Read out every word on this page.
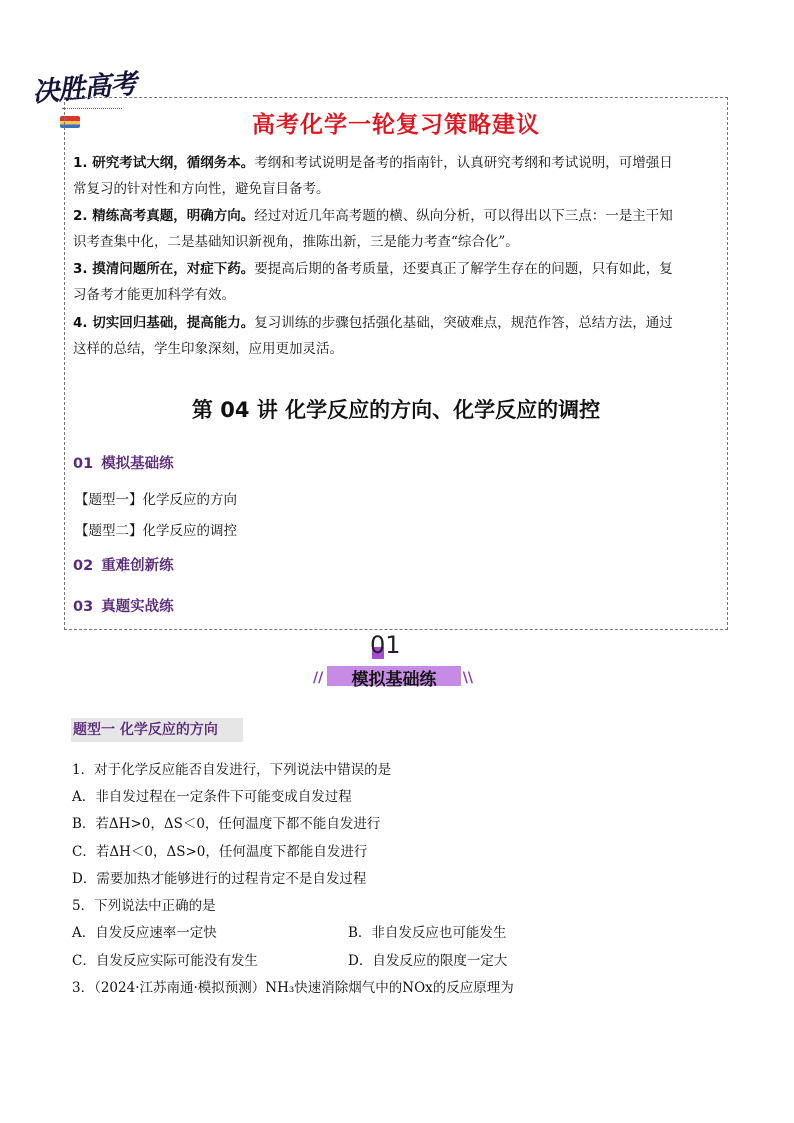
决胜高考
高考化学一轮复习策略建议
1. 研究考试大纲，循纲务本。考纲和考试说明是备考的指南针，认真研究考纲和考试说明，可增强日
常复习的针对性和方向性，避免盲目备考。
2. 精练高考真题，明确方向。经过对近几年高考题的横、纵向分析，可以得出以下三点：一是主干知
识考查集中化，二是基础知识新视角，推陈出新，三是能力考查“综合化”。
3. 摸清问题所在，对症下药。要提高后期的备考质量，还要真正了解学生存在的问题，只有如此，复
习备考才能更加科学有效。
4. 切实回归基础，提高能力。复习训练的步骤包括强化基础，突破难点，规范作答，总结方法，通过
这样的总结，学生印象深刻，应用更加灵活。
第 04 讲 化学反应的方向、化学反应的调控
01 模拟基础练
【题型一】化学反应的方向
【题型二】化学反应的调控
02 重难创新练
03 真题实战练
01
//	模拟基础练	\\
题型一 化学反应的方向
1．对于化学反应能否自发进行，下列说法中错误的是
A．非自发过程在一定条件下可能变成自发过程
B．若ΔH>0，ΔS＜0，任何温度下都不能自发进行
C．若ΔH＜0，ΔS>0，任何温度下都能自发进行
D．需要加热才能够进行的过程肯定不是自发过程
5．下列说法中正确的是
A．自发反应速率一定快	B．非自发反应也可能发生
C．自发反应实际可能没有发生	D．自发反应的限度一定大
3．（2024·江苏南通·模拟预测）NH₃快速消除烟气中的NOx的反应原理为
